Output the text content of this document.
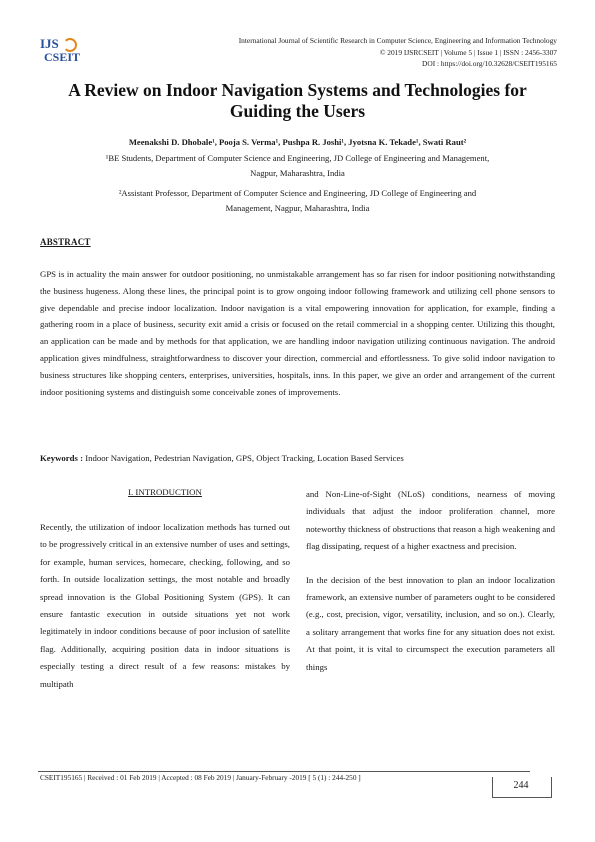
IJS
CSEIT
International Journal of Scientific Research in Computer Science, Engineering and Information Technology
© 2019 IJSRCSEIT | Volume 5 | Issue 1 | ISSN : 2456-3307
DOI : https://doi.org/10.32628/CSEIT195165
A Review on Indoor Navigation Systems and Technologies for
Guiding the Users
Meenakshi D. Dhobale¹, Pooja S. Verma¹, Pushpa R. Joshi¹, Jyotsna K. Tekade¹, Swati Raut²
¹BE Students, Department of Computer Science and Engineering, JD College of Engineering and Management,
Nagpur, Maharashtra, India
²Assistant Professor, Department of Computer Science and Engineering, JD College of Engineering and
Management, Nagpur, Maharashtra, India
ABSTRACT
GPS is in actuality the main answer for outdoor positioning, no unmistakable arrangement has so far risen for indoor positioning notwithstanding the business hugeness. Along these lines, the principal point is to grow ongoing indoor following framework and utilizing cell phone sensors to give dependable and precise indoor localization. Indoor navigation is a vital empowering innovation for application, for example, finding a gathering room in a place of business, security exit amid a crisis or focused on the retail commercial in a shopping center. Utilizing this thought, an application can be made and by methods for that application, we are handling indoor navigation utilizing continuous navigation. The android application gives mindfulness, straightforwardness to discover your direction, commercial and effortlessness. To give solid indoor navigation to business structures like shopping centers, enterprises, universities, hospitals, inns. In this paper, we give an order and arrangement of the current indoor positioning systems and distinguish some conceivable zones of improvements.
Keywords : Indoor Navigation, Pedestrian Navigation, GPS, Object Tracking, Location Based Services
I. INTRODUCTION

Recently, the utilization of indoor localization methods has turned out to be progressively critical in an extensive number of uses and settings, for example, human services, homecare, checking, following, and so forth. In outside localization settings, the most notable and broadly spread innovation is the Global Positioning System (GPS). It can ensure fantastic execution in outside situations yet not work legitimately in indoor conditions because of poor inclusion of satellite flag. Additionally, acquiring position data in indoor situations is especially testing a direct result of a few reasons: mistakes by multipath

and Non-Line-of-Sight (NLoS) conditions, nearness of moving individuals that adjust the indoor proliferation channel, more noteworthy thickness of obstructions that reason a high weakening and flag dissipating, request of a higher exactness and precision.

In the decision of the best innovation to plan an indoor localization framework, an extensive number of parameters ought to be considered (e.g., cost, precision, vigor, versatility, inclusion, and so on.). Clearly, a solitary arrangement that works fine for any situation does not exist. At that point, it is vital to circumspect the execution parameters all things

CSEIT195165 | Received : 01 Feb 2019 | Accepted : 08 Feb 2019 | January-February -2019 [ 5 (1) : 244-250 ]
244
